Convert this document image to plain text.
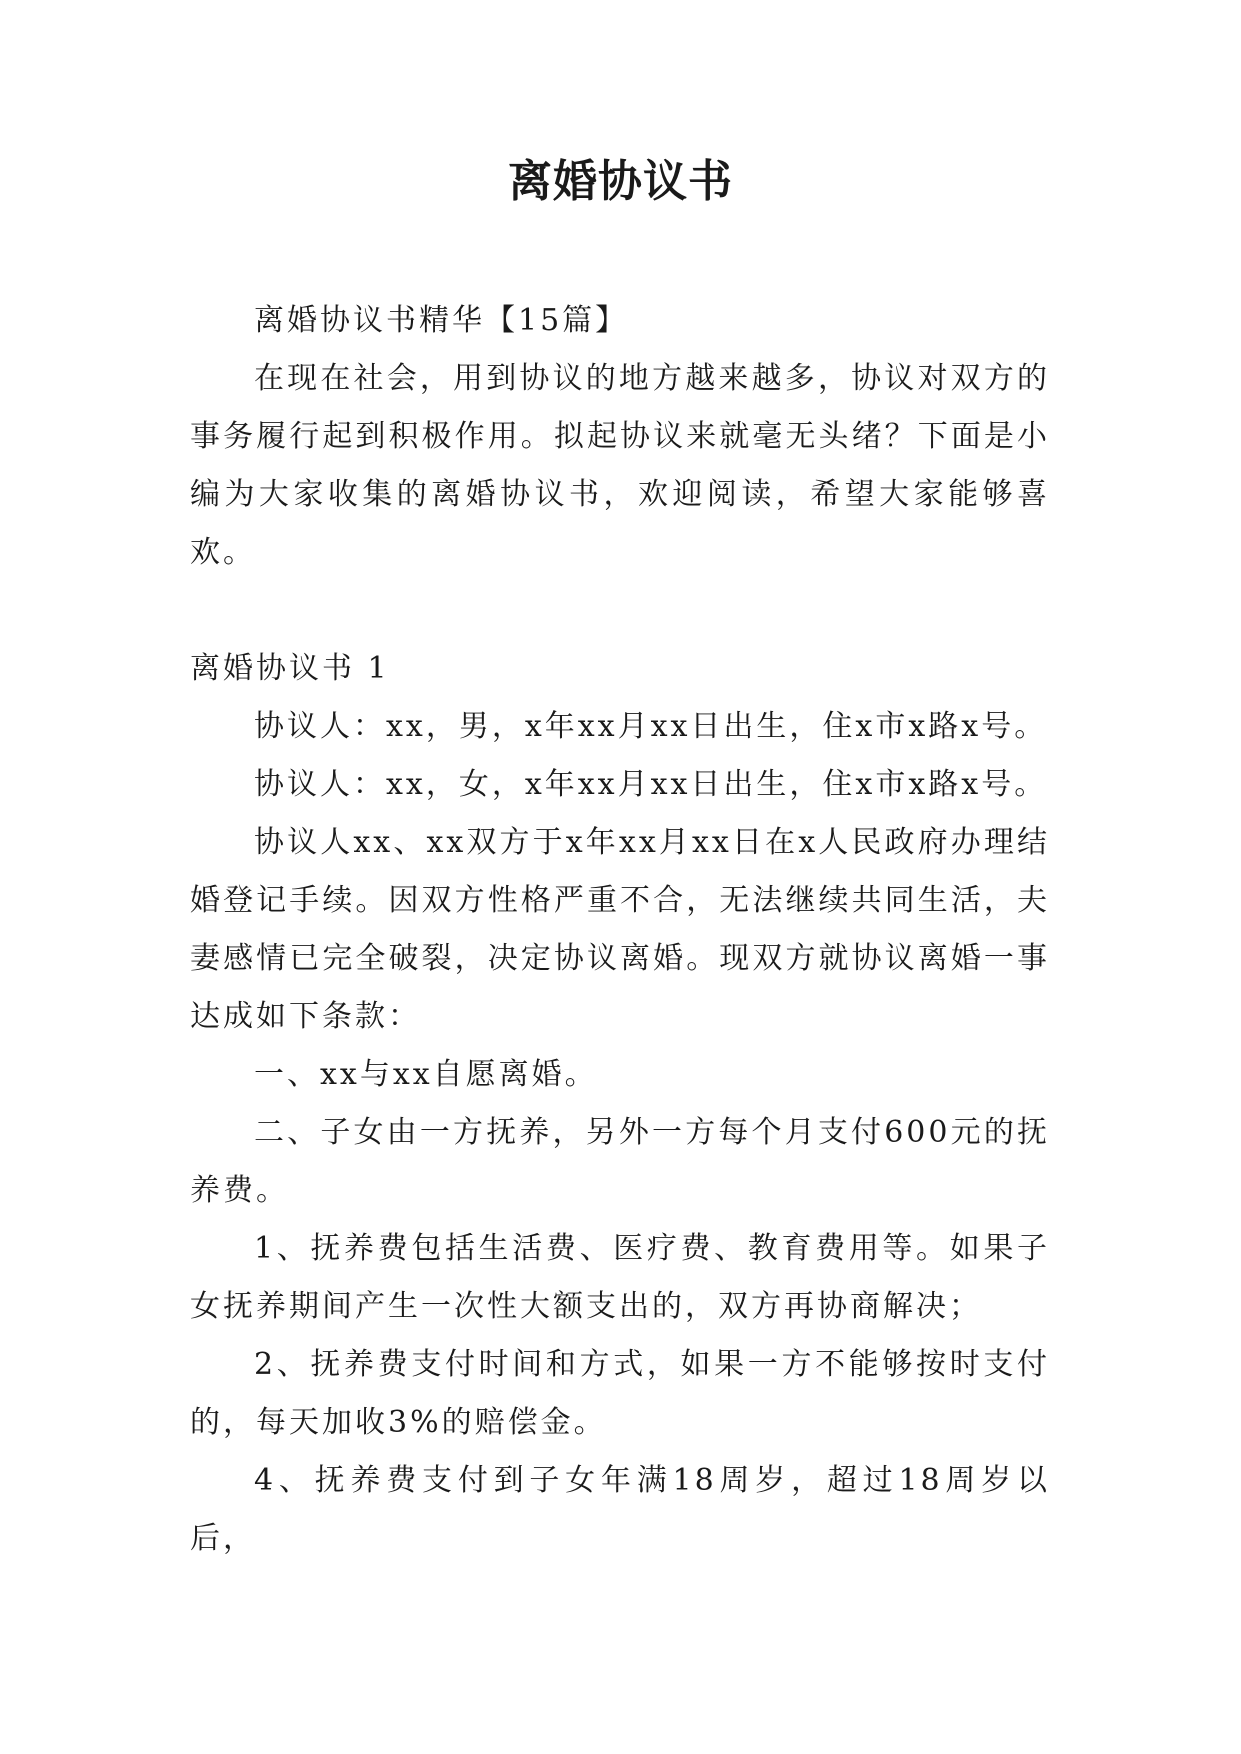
离婚协议书

离婚协议书精华【15篇】

在现在社会，用到协议的地方越来越多，协议对双方的事务履行起到积极作用。拟起协议来就毫无头绪？下面是小编为大家收集的离婚协议书，欢迎阅读，希望大家能够喜欢。

离婚协议书 1

协议人：xx，男，x年xx月xx日出生，住x市x路x号。

协议人：xx，女，x年xx月xx日出生，住x市x路x号。

协议人xx、xx双方于x年xx月xx日在x人民政府办理结婚登记手续。因双方性格严重不合，无法继续共同生活，夫妻感情已完全破裂，决定协议离婚。现双方就协议离婚一事达成如下条款：

一、xx与xx自愿离婚。

二、子女由一方抚养，另外一方每个月支付600元的抚养费。

1、抚养费包括生活费、医疗费、教育费用等。如果子女抚养期间产生一次性大额支出的，双方再协商解决；

2、抚养费支付时间和方式，如果一方不能够按时支付的，每天加收3%的赔偿金。

4、抚养费支付到子女年满18周岁，超过18周岁以后，
